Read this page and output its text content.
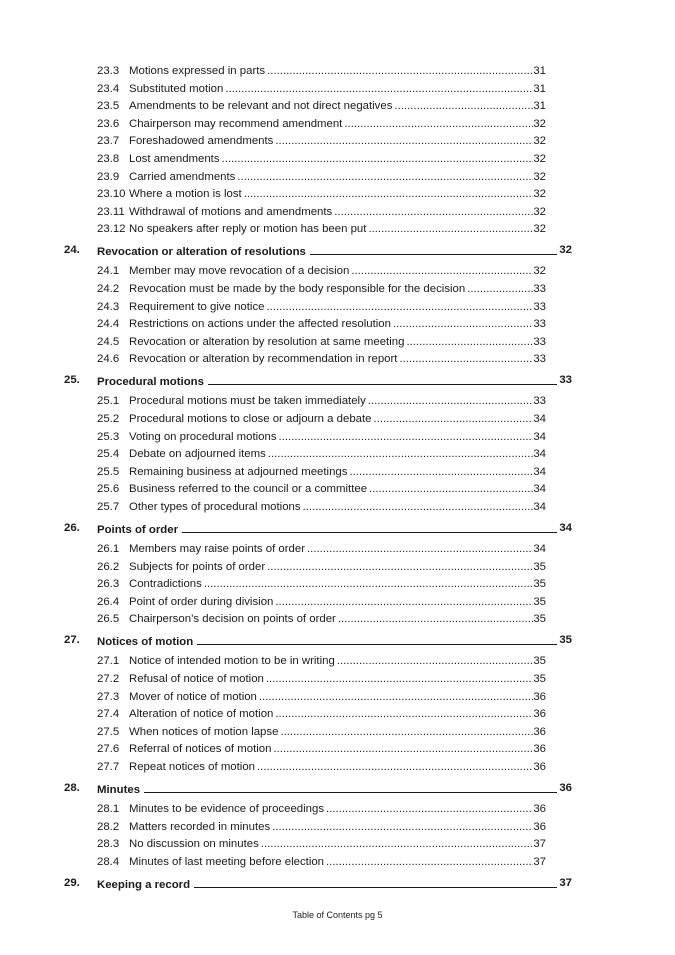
23.3 Motions expressed in parts .....	31
23.4 Substituted motion .....	31
23.5 Amendments to be relevant and not direct negatives .....	31
23.6 Chairperson may recommend amendment .....	32
23.7 Foreshadowed amendments .....	32
23.8 Lost amendments .....	32
23.9 Carried amendments .....	32
23.10 Where a motion is lost .....	32
23.11 Withdrawal of motions and amendments .....	32
23.12 No speakers after reply or motion has been put .....	32
24. Revocation or alteration of resolutions	32
24.1 Member may move revocation of a decision .....	32
24.2 Revocation must be made by the body responsible for the decision .....	33
24.3 Requirement to give notice .....	33
24.4 Restrictions on actions under the affected resolution .....	33
24.5 Revocation or alteration by resolution at same meeting .....	33
24.6 Revocation or alteration by recommendation in report .....	33
25. Procedural motions	33
25.1 Procedural motions must be taken immediately .....	33
25.2 Procedural motions to close or adjourn a debate .....	34
25.3 Voting on procedural motions .....	34
25.4 Debate on adjourned items .....	34
25.5 Remaining business at adjourned meetings .....	34
25.6 Business referred to the council or a committee .....	34
25.7 Other types of procedural motions .....	34
26. Points of order	34
26.1 Members may raise points of order .....	34
26.2 Subjects for points of order .....	35
26.3 Contradictions .....	35
26.4 Point of order during division .....	35
26.5 Chairperson’s decision on points of order .....	35
27. Notices of motion	35
27.1 Notice of intended motion to be in writing .....	35
27.2 Refusal of notice of motion .....	35
27.3 Mover of notice of motion .....	36
27.4 Alteration of notice of motion .....	36
27.5 When notices of motion lapse .....	36
27.6 Referral of notices of motion .....	36
27.7 Repeat notices of motion .....	36
28. Minutes	36
28.1 Minutes to be evidence of proceedings .....	36
28.2 Matters recorded in minutes .....	36
28.3 No discussion on minutes .....	37
28.4 Minutes of last meeting before election .....	37
29. Keeping a record	37
Table of Contents pg 5
